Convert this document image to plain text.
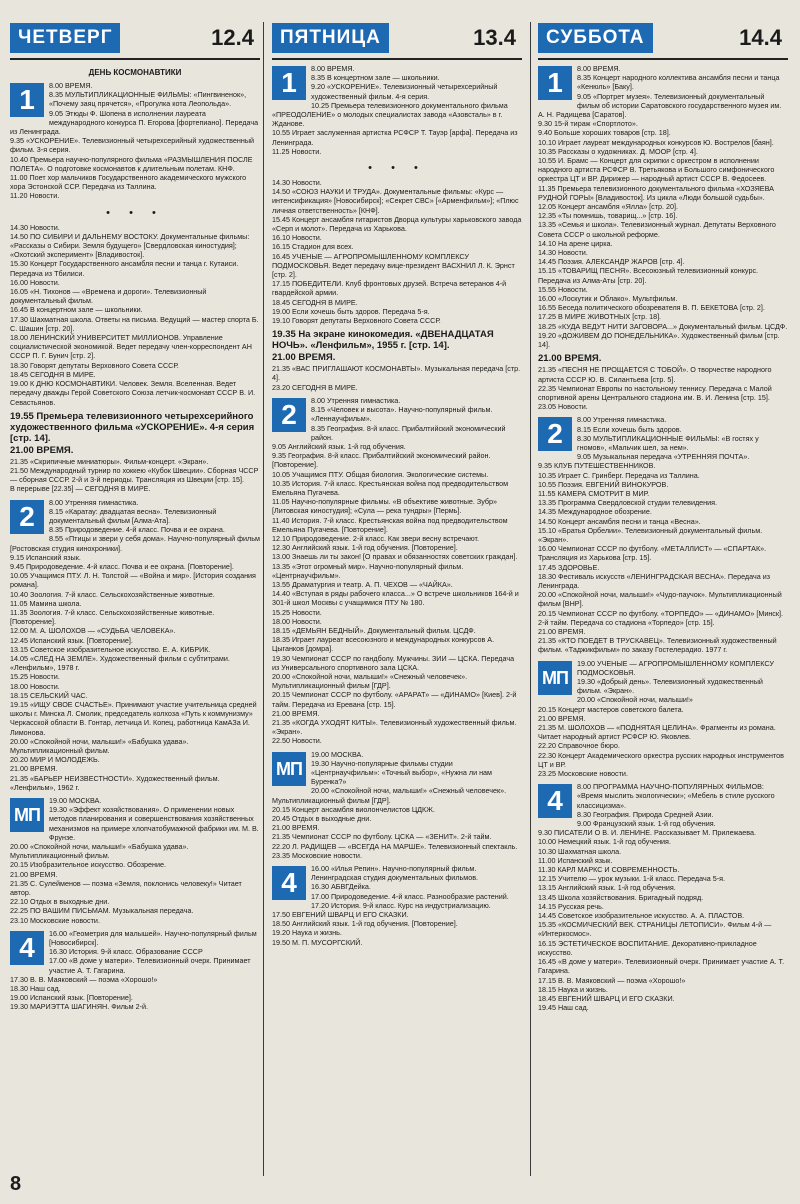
ЧЕТВЕРГ	12.4
ДЕНЬ КОСМОНАВТИКИ
1	8.00 ВРЕМЯ.

8.35 МУЛЬТИПЛИКАЦИОННЫЕ ФИЛЬМЫ: «Пингвиненок», «Почему заяц прячется», «Прогулка кота Леопольда».

9.05 Этюды Ф. Шопена в исполнении лауреата международного конкурса П. Егорова [фортепиано]. Передача из Ленинграда.

9.35 «УСКОРЕНИЕ». Телевизионный четырехсерийный художественный фильм. 3-я серия.

10.40 Премьера научно-популярного фильма «РАЗМЫШЛЕНИЯ ПОСЛЕ ПОЛЕТА». О подготовке космонавтов к длительным полетам. КНФ.

11.00 Поет хор мальчиков Государственного академического мужского хора Эстонской ССР. Передача из Таллина.

11.20 Новости.

• • •

14.30 Новости.

14.50 ПО СИБИРИ И ДАЛЬНЕМУ ВОСТОКУ. Документальные фильмы: «Рассказы о Сибири. Земля будущего» [Свердловская киностудия]; «Охотский эксперимент» [Владивосток].

15.30 Концерт Государственного ансамбля песни и танца г. Кутаиси. Передача из Тбилиси.

16.00 Новости.

16.05 «Н. Тихонов — «Времена и дороги». Телевизионный документальный фильм.

16.45 В концертном зале — школьники.

17.30 Шахматная школа. Ответы на письма. Ведущий — мастер спорта Б. С. Шашин [стр. 20].

18.00 ЛЕНИНСКИЙ УНИВЕРСИТЕТ МИЛЛИОНОВ. Управление социалистической экономикой. Ведет передачу член-корреспондент АН СССР П. Г. Бунич [стр. 2].

18.30 Говорят депутаты Верховного Совета СССР.

18.45 СЕГОДНЯ В МИРЕ.

19.00 К ДНЮ КОСМОНАВТИКИ. Человек. Земля. Вселенная. Ведет передачу дважды Герой Советского Союза летчик-космонавт СССР В. И. Севастьянов.

19.55 Премьера телевизионного четырехсерийного художественного фильма «УСКОРЕНИЕ». 4-я серия [стр. 14].

21.00 ВРЕМЯ.

21.35 «Скрипичные миниатюры». Фильм-концерт. «Экран».

21.50 Международный турнир по хоккею «Кубок Швеции». Сборная ЧССР — сборная СССР. 2-й и 3-й периоды. Трансляция из Швеции [стр. 15].

В перерыве [22.35] — СЕГОДНЯ В МИРЕ.

2	8.00 Утренняя гимнастика.

8.15 «Каратау: двадцатая весна». Телевизионный документальный фильм [Алма-Ата].

8.35 Природоведение. 4-й класс. Почва и ее охрана.

8.55 «Птицы и звери у себя дома». Научно-популярный фильм [Ростовская студия кинохроники].

9.15 Испанский язык.

9.45 Природоведение. 4-й класс. Почва и ее охрана. [Повторение].

10.05 Учащимся ПТУ. Л. Н. Толстой — «Война и мир». [История создания романа].

10.40 Зоология. 7-й класс. Сельскохозяйственные животные.

11.05 Мамина школа.

11.35 Зоология. 7-й класс. Сельскохозяйственные животные. [Повторение].

12.00 М. А. ШОЛОХОВ — «СУДЬБА ЧЕЛОВЕКА».

12.45 Испанский язык. [Повторение].

13.15 Советское изобразительное искусство. Е. А. КИБРИК.

14.05 «СЛЕД НА ЗЕМЛЕ». Художественный фильм с субтитрами. «Ленфильм», 1978 г.

15.25 Новости.

18.00 Новости.

18.15 СЕЛЬСКИЙ ЧАС.

19.15 «ИЩУ СВОЕ СЧАСТЬЕ». Принимают участие учительница средней школы г. Минска Л. Смолик, председатель колхоза «Путь к коммунизму» Черкасской области В. Гонтар, летчица И. Копец, работница КамАЗа И. Лимонова.

20.00 «Спокойной ночи, малыши!» «Бабушка удава». Мультипликационный фильм.

20.20 МИР И МОЛОДЕЖЬ.

21.00 ВРЕМЯ.

21.35 «БАРЬЕР НЕИЗВЕСТНОСТИ». Художественный фильм. «Ленфильм», 1962 г.

МП

19.00 МОСКВА.

19.30 «Эффект хозяйствования». О применении новых методов планирования и совершенствования хозяйственных механизмов на примере хлопчатобумажной фабрики им. М. В. Фрунзе.

20.00 «Спокойной ночи, малыши!» «Бабушка удава». Мультипликационный фильм.

20.15 Изобразительное искусство. Обозрение.

21.00 ВРЕМЯ.

21.35 С. Сулейменов — поэма «Земля, поклонись человеку!» Читает автор.

22.10 Отдых в выходные дни.

22.25 ПО ВАШИМ ПИСЬМАМ. Музыкальная передача.

23.10 Московские новости.

4	16.00 «Геометрия для малышей». Научно-популярный фильм [Новосибирск].

16.30 История. 9-й класс. Образование СССР

17.00 «В доме у матери». Телевизионный очерк. Принимает участие А. Т. Гагарина.

17.30 В. В. Маяковский — поэма «Хорошо!»

18.30 Наш сад.

19.00 Испанский язык. [Повторение].

19.30 МАРИЭТТА ШАГИНЯН. Фильм 2-й.

ПЯТНИЦА	13.4
1	8.00 ВРЕМЯ.

8.35 В концертном зале — школьники.

9.20 «УСКОРЕНИЕ». Телевизионный четырехсерийный художественный фильм. 4-я серия.

10.25 Премьера телевизионного документального фильма «ПРЕОДОЛЕНИЕ» о молодых специалистах завода «Азовсталь» в г. Жданове.

10.55 Играет заслуженная артистка РСФСР Т. Тауэр [арфа]. Передача из Ленинграда.

11.25 Новости.

• • •

14.30 Новости.

14.50 «СОЮЗ НАУКИ И ТРУДА». Документальные фильмы: «Курс — интенсификация» [Новосибирск]; «Секрет СВС» [«Арменфильм»]; «Плюс личная ответственность» [КНФ].

15.45 Концерт ансамбля гитаристов Дворца культуры харьковского завода «Серп и молот». Передача из Харькова.

16.10 Новости.

16.15 Стадион для всех.

16.45 УЧЕНЫЕ — АГРОПРОМЫШЛЕННОМУ КОМПЛЕКСУ ПОДМОСКОВЬЯ. Ведет передачу вице-президент ВАСХНИЛ Л. К. Эрнст [стр. 2].

17.15 ПОБЕДИТЕЛИ. Клуб фронтовых друзей. Встреча ветеранов 4-й гвардейской армии.

18.45 СЕГОДНЯ В МИРЕ.

19.00 Если хочешь быть здоров. Передача 5-я.

19.10 Говорят депутаты Верховного Совета СССР.

19.35 На экране кинокомедия. «ДВЕНАДЦАТАЯ НОЧЬ». «Ленфильм», 1955 г. [стр. 14].

21.00 ВРЕМЯ.

21.35 «ВАС ПРИГЛАШАЮТ КОСМОНАВТЫ». Музыкальная передача [стр. 4].

23.20 СЕГОДНЯ В МИРЕ.

2	8.00 Утренняя гимнастика.

8.15 «Человек и высота». Научно-популярный фильм. «Леннаучфильм».

8.35 География. 8-й класс. Прибалтийский экономический район.

9.05 Английский язык. 1-й год обучения.

9.35 География. 8-й класс. Прибалтийский экономический район. [Повторение].

10.05 Учащимся ПТУ. Общая биология. Экологические системы.

10.35 История. 7-й класс. Крестьянская война под предводительством Емельяна Пугачева.

11.05 Научно-популярные фильмы. «В объективе животные. Зубр» [Литовская киностудия]; «Сула — река тундры» [Пермь].

11.40 История. 7-й класс. Крестьянская война под предводительством Емельяна Пугачева. [Повторение].

12.10 Природоведение. 2-й класс. Как звери весну встречают.

12.30 Английский язык. 1-й год обучения. [Повторение].

13.00 Знаешь ли ты закон! [О правах и обязанностях советских граждан].

13.35 «Этот огромный мир». Научно-популярный фильм. «Центрнаучфильм».

13.55 Драматургия и театр. А. П. ЧЕХОВ — «ЧАЙКА».

14.40 «Вступая в ряды рабочего класса...» О встрече школьников 164-й и 301-й школ Москвы с учащимися ПТУ № 180.

15.25 Новости.

18.00 Новости.

18.15 «ДЕМЬЯН БЕДНЫЙ». Документальный фильм. ЦСДФ.

18.35 Играет лауреат всесоюзного и международных конкурсов А. Цыганков [домра].

19.30 Чемпионат СССР по гандболу. Мужчины. ЗИИ — ЦСКА. Передача из Универсального спортивного зала ЦСКА.

20.00 «Спокойной ночи, малыши!» «Снежный человечек». Мультипликационный фильм [ГДР].

20.15 Чемпионат СССР по футболу. «АРАРАТ» — «ДИНАМО» [Киев]. 2-й тайм. Передача из Еревана [стр. 15].

21.00 ВРЕМЯ.

21.35 «КОГДА УХОДЯТ КИТЫ». Телевизионный художественный фильм. «Экран».

22.50 Новости.

МП

19.00 МОСКВА.

19.30 Научно-популярные фильмы студии «Центрнаучфильм»: «Точный выбор», «Нужна ли нам Буренка?»

20.00 «Спокойной ночи, малыши!» «Снежный человечек». Мультипликационный фильм [ГДР].

20.15 Концерт ансамбля виолончелистов ЦДКЖ.

20.45 Отдых в выходные дни.

21.00 ВРЕМЯ.

21.35 Чемпионат СССР по футболу. ЦСКА — «ЗЕНИТ». 2-й тайм.

22.20 Л. РАДИЩЕВ — «ВСЕГДА НА МАРШЕ». Телевизионный спектакль.

23.35 Московские новости.

4	16.00 «Илья Репин». Научно-популярный фильм. Ленинградская студия документальных фильмов.

16.30 АБВГДейка.

17.00 Природоведение. 4-й класс. Разнообразие растений.

17.20 История. 9-й класс. Курс на индустриализацию.

17.50 ЕВГЕНИЙ ШВАРЦ И ЕГО СКАЗКИ.

18.50 Английский язык. 1-й год обучения. [Повторение].

19.20 Наука и жизнь.

19.50 М. П. МУСОРГСКИЙ.

СУББОТА	14.4
1	8.00 ВРЕМЯ.

8.35 Концерт народного коллектива ансамбля песни и танца «Кенюль» [Баку].

9.05 «Портрет музея». Телевизионный документальный фильм об истории Саратовского государственного музея им. А. Н. Радищева [Саратов].

9.30 15-й тираж «Спортлото».

9.40 Больше хороших товаров [стр. 18].

10.10 Играет лауреат международных конкурсов Ю. Вострелов [баян].

10.35 Рассказы о художниках. Д. МООР [стр. 4].

10.55 И. Брамс — Концерт для скрипки с оркестром в исполнении народного артиста РСФСР В. Третьякова и Большого симфонического оркестра ЦТ и ВР. Дирижер — народный артист СССР В. Федосеев.

11.35 Премьера телевизионного документального фильма «ХОЗЯЕВА РУДНОЙ ГОРЫ» [Владивосток]. Из цикла «Люди большой судьбы».

12.05 Концерт ансамбля «Ялла» [стр. 20].

12.35 «Ты помнишь, товарищ...» [стр. 16].

13.35 «Семья и школа». Телевизионный журнал. Депутаты Верховного Совета СССР о школьной реформе.

14.10 На арене цирка.

14.30 Новости.

14.45 Поэзия. АЛЕКСАНДР ЖАРОВ [стр. 4].

15.15 «ТОВАРИЩ ПЕСНЯ». Всесоюзный телевизионный конкурс. Передача из Алма-Аты [стр. 20].

15.55 Новости.

16.00 «Лоскутик и Облако». Мультфильм.

16.55 Беседа политического обозревателя В. П. БЕКЕТОВА [стр. 2].

17.25 В МИРЕ ЖИВОТНЫХ [стр. 18].

18.25 «КУДА ВЕДУТ НИТИ ЗАГОВОРА...» Документальный фильм. ЦСДФ.

19.20 «ДОЖИВЕМ ДО ПОНЕДЕЛЬНИКА». Художественный фильм [стр. 14].

21.00 ВРЕМЯ.

21.35 «ПЕСНЯ НЕ ПРОЩАЕТСЯ С ТОБОЙ». О творчестве народного артиста СССР Ю. В. Силантьева [стр. 5].

22.35 Чемпионат Европы по настольному теннису. Передача с Малой спортивной арены Центрального стадиона им. В. И. Ленина [стр. 15].

23.05 Новости.

2	8.00 Утренняя гимнастика.

8.15 Если хочешь быть здоров.

8.30 МУЛЬТИПЛИКАЦИОННЫЕ ФИЛЬМЫ: «В гостях у гномов», «Мальчик шел, за нем».

9.05 Музыкальная передача «УТРЕННЯЯ ПОЧТА».

9.35 КЛУБ ПУТЕШЕСТВЕННИКОВ.

10.35 Играет С. Гринберг. Передача из Таллина.

10.55 Поэзия. ЕВГЕНИЙ ВИНОКУРОВ.

11.55 КАМЕРА СМОТРИТ В МИР.

13.35 Программа Свердловской студии телевидения.

14.35 Международное обозрение.

14.50 Концерт ансамбля песни и танца «Весна».

15.10 «Братья Орбелии». Телевизионный документальный фильм. «Экран».

16.00 Чемпионат СССР по футболу. «МЕТАЛЛИСТ» — «СПАРТАК». Трансляция из Харькова [стр. 15].

17.45 ЗДОРОВЬЕ.

18.30 Фестиваль искусств «ЛЕНИНГРАДСКАЯ ВЕСНА». Передача из Ленинграда.

20.00 «Спокойной ночи, малыши!» «Чудо-паучок». Мультипликационный фильм [ВНР].

20.15 Чемпионат СССР по футболу. «ТОРПЕДО» — «ДИНАМО» [Минск]. 2-й тайм. Передача со стадиона «Торпедо» [стр. 15].

21.00 ВРЕМЯ.

21.35 «КТО ПОЕДЕТ В ТРУСКАВЕЦ». Телевизионный художественный фильм. «Таджикфильм» по заказу Гостелерадио. 1977 г.

МП

19.00 УЧЕНЫЕ — АГРОПРОМЫШЛЕННОМУ КОМПЛЕКСУ ПОДМОСКОВЬЯ.

19.30 «Добрый день». Телевизионный художественный фильм. «Экран».

20.00 «Спокойной ночи, малыши!»

20.15 Концерт мастеров советского балета.

21.00 ВРЕМЯ.

21.35 М. ШОЛОХОВ — «ПОДНЯТАЯ ЦЕЛИНА». Фрагменты из романа. Читает народный артист РСФСР Ю. Яковлев.

22.20 Справочное бюро.

22.30 Концерт Академического оркестра русских народных инструментов ЦТ и ВР.

23.25 Московские новости.

4	8.00 ПРОГРАММА НАУЧНО-ПОПУЛЯРНЫХ ФИЛЬМОВ: «Время мыслить экологически»; «Мебель в стиле русского классицизма».

8.30 География. Природа Средней Азии.

9.00 Французский язык. 1-й год обучения.

9.30 ПИСАТЕЛИ О В. И. ЛЕНИНЕ. Рассказывает М. Прилежаева.

10.00 Немецкий язык. 1-й год обучения.

10.30 Шахматная школа.

11.00 Испанский язык.

11.30 КАРЛ МАРКС И СОВРЕМЕННОСТЬ.

12.15 Учителю — урок музыки. 1-й класс. Передача 5-я.

13.15 Английский язык. 1-й год обучения.

13.45 Школа хозяйствования. Бригадный подряд.

14.15 Русская речь.

14.45 Советское изобразительное искусство. А. А. ПЛАСТОВ.

15.35 «КОСМИЧЕСКИЙ ВЕК. СТРАНИЦЫ ЛЕТОПИСИ». Фильм 4-й — «Интеркосмос».

16.15 ЭСТЕТИЧЕСКОЕ ВОСПИТАНИЕ. Декоративно-прикладное искусство.

16.45 «В доме у матери». Телевизионный очерк. Принимает участие А. Т. Гагарина.

17.15 В. В. Маяковский — поэма «Хорошо!»

18.15 Наука и жизнь.

18.45 ЕВГЕНИЙ ШВАРЦ И ЕГО СКАЗКИ.

19.45 Наш сад.

8
